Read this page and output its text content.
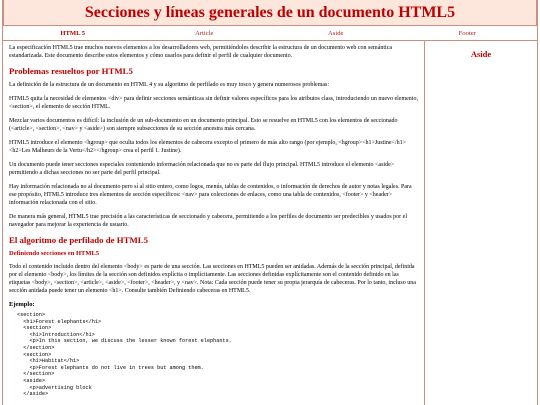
Secciones y líneas generales de un documento HTML5
HTML 5	Article	Aside	Footer

La especificación HTML5 trae muchos nuevos elementos a los desarrolladores web, permitiéndoles describir la estructura de un documento web con semántica estandarizada. Este documento describe estos elementos y cómo usarlos para definir el perfil de cualquier documento.

Problemas resueltos por HTML5

La definición de la estructura de un documento en HTML 4 y su algoritmo de perfilado es muy tosco y genera numerosos problemas:

HTML5 quita la necesidad de elementos <div> para definir secciones semánticas sin definir valores específicos para los atributos class, introduciendo un nuevo elemento, <section>, el elemento de sección HTML.

Mezclar varios documentos es difícil: la inclusión de un sub-documento en un documento principal. Esto se resuelve en HTML5 con los elementos de seccionado (<article>, <section>, <nav> y <aside>) son siempre subsecciones de su sección ancestra más cercana.

HTML5 introduce el elemento <hgroup> que oculta todos los elementos de cabecera excepto el primero de más alto rango (por ejemplo, <hgroup><h1>Justine</h1><h2>Les Malheurs de la Vertu</h2></hgroup> crea el perfil 1. Justine).

Un documento puede tener secciones especiales conteniendo información relacionada que no es parte del flujo principal. HTML5 introduce el elemento <aside> permitiendo a dichas secciones no ser parte del perfil principal.

Hay información relacionada no al documento pero sí al sitio entero, como logos, menús, tablas de contenidos, o información de derechos de autor y notas legales. Para ese propósito, HTML5 introduce tres elementos de sección específicos: <nav> para colecciones de enlaces, como una tabla de contenidos, <footer> y <header> información relacionada con el sitio.

De manera más general, HTML5 trae precisión a las características de seccionado y cabecera, permitiendo a los perfiles de documento ser predecibles y usados por el navegador para mejorar la experiencia de usuario.

El algoritmo de perfilado de HTML5
Definiendo secciones en HTML5

Todo el contenido incluido dentro del elemento <body> es parte de una sección. Las secciones en HTML5 pueden ser anidadas. Además de la sección principal, definida por el elemento <body>, los límites de la sección son definidos explícita o implícitamente. Las secciones definidas explícitamente son el contenido definido en las etiquetas <body>, <section>, <article>, <aside>, <footer>, <header>, y <nav>. Nota: Cada sección puede tener su propia jerarquía de cabeceras. Por lo tanto, incluso una sección anidada puede tener un elemento <h1>. Consulte también Definiendo cabeceras en HTML5.

Ejemplo:
<section>
<h1>Forest elephants</h1>
<section>
<h1>Introduction</h1>
<p>In this section, we discuss the lesser known forest elephants.
</section>
<section>
<h1>Habitat</h1>
<p>Forest elephants do not live in trees but among them.
</section>
<aside>
<p>advertising block
</aside>
Aside
